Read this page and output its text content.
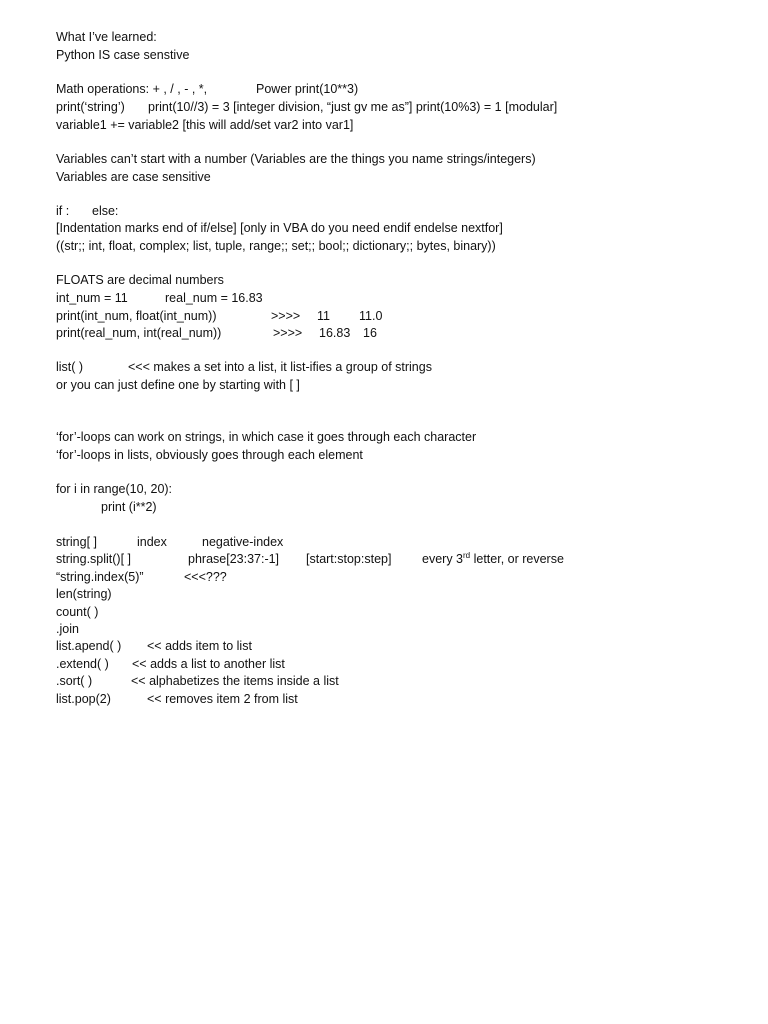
What I’ve learned:
Python IS case senstive
Math operations: + , / , - , *,	Power print(10**3)
print(‘string’) print(10//3) = 3 [integer division, “just gv me as”] print(10%3) = 1 [modular]
variable1 += variable2 [this will add/set var2 into var1]
Variables can’t start with a number (Variables are the things you name strings/integers)
Variables are case sensitive
if : else:
[Indentation marks end of if/else] [only in VBA do you need endif endelse nextfor]
((str;; int, float, complex; list, tuple, range;; set;; bool;; dictionary;; bytes, binary))
FLOATS are decimal numbers
int_num = 11	real_num = 16.83
print(int_num, float(int_num))	>>>> 11 11.0
print(real_num, int(real_num))	>>>> 16.83 16
list( )	<<< makes a set into a list, it list-ifies a group of strings
or you can just define one by starting with [ ]
‘for’-loops can work on strings, in which case it goes through each character
‘for’-loops in lists, obviously goes through each element
for i in range(10, 20):
print (i**2)
string[ ]	index	negative-index
string.split()[ ]	phrase[23:37:-1] [start:stop:step] every 3rd letter, or reverse
“string.index(5)”	<<<???
len(string)
count( )
.join
list.apend( ) << adds item to list
.extend( ) << adds a list to another list
.sort( )	<< alphabetizes the items inside a list
list.pop(2)	<< removes item 2 from list
